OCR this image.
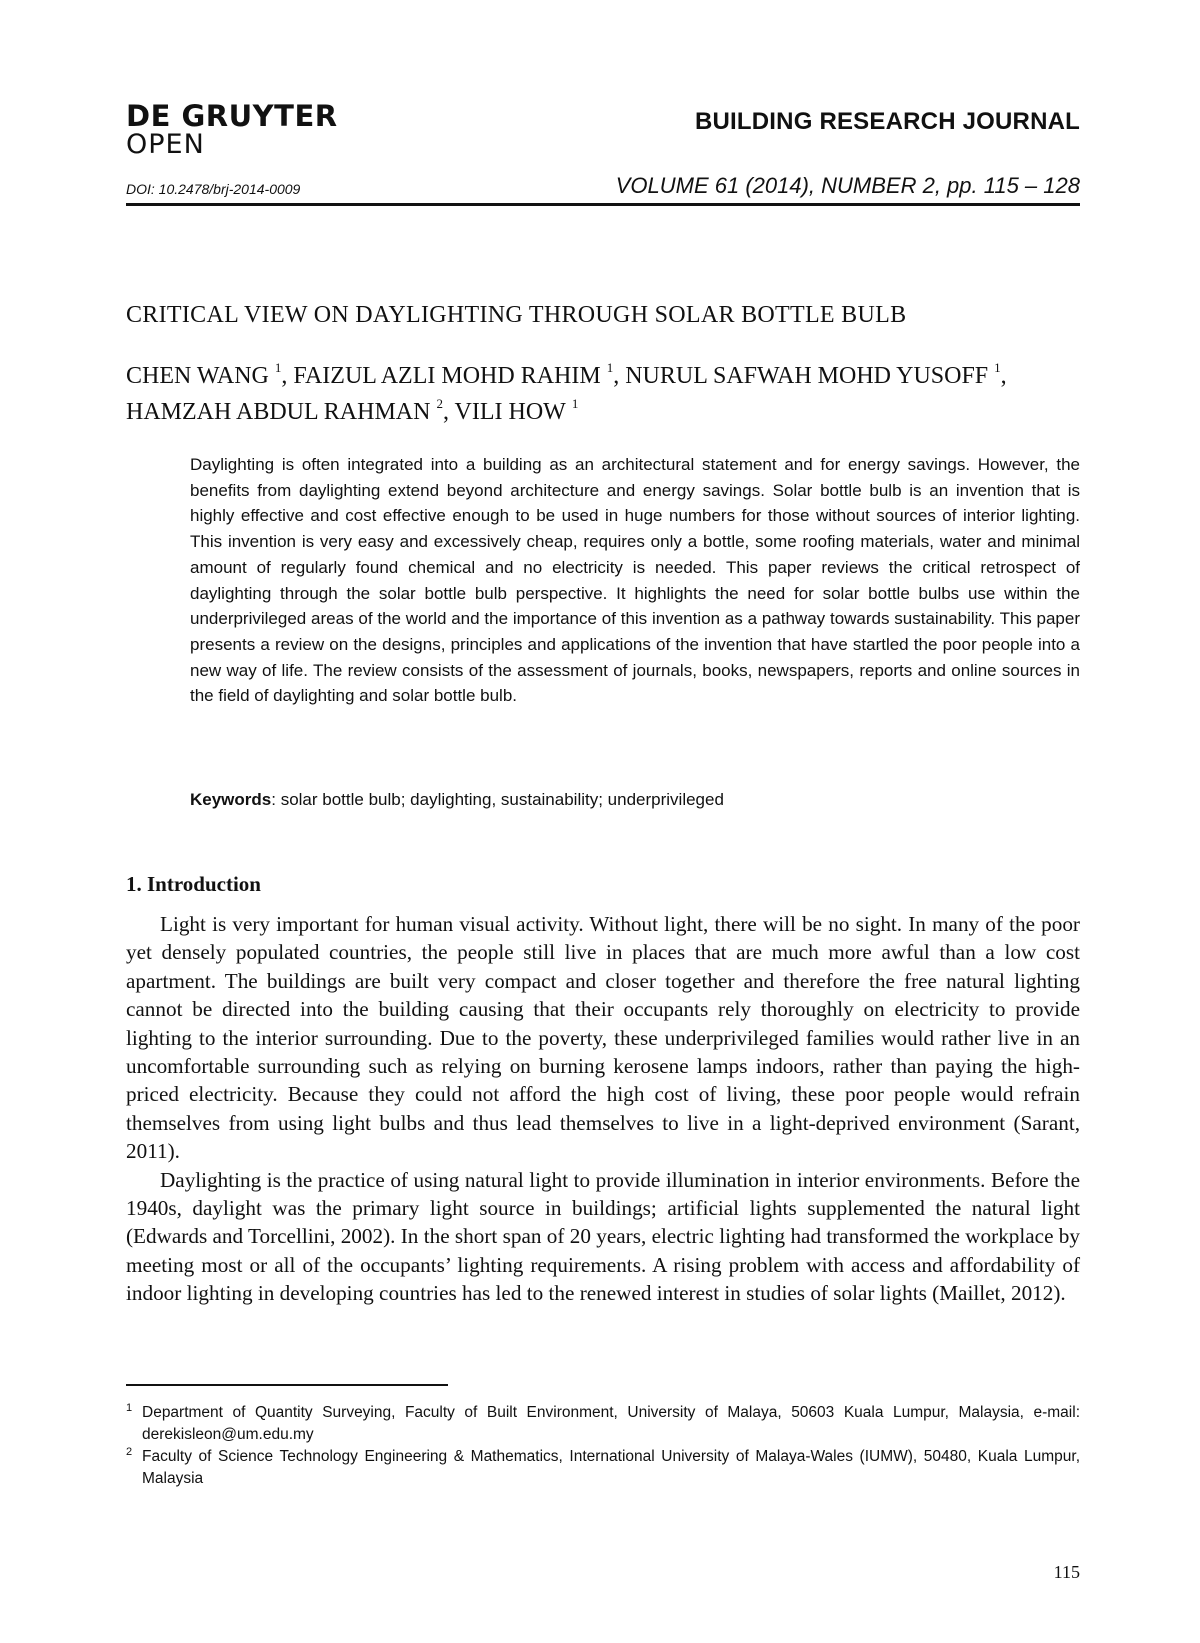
DE GRUYTER
OPEN
BUILDING RESEARCH JOURNAL
DOI: 10.2478/brj-2014-0009	VOLUME 61 (2014), NUMBER 2, pp. 115 – 128
CRITICAL VIEW ON DAYLIGHTING THROUGH SOLAR BOTTLE BULB
CHEN WANG $^1$, FAIZUL AZLI MOHD RAHIM $^1$, NURUL SAFWAH MOHD YUSOFF $^1$, HAMZAH ABDUL RAHMAN $^2$, VILI HOW $^1$

Daylighting is often integrated into a building as an architectural statement and for energy savings. However, the benefits from daylighting extend beyond architecture and energy savings. Solar bottle bulb is an invention that is highly effective and cost effective enough to be used in huge numbers for those without sources of interior lighting. This invention is very easy and excessively cheap, requires only a bottle, some roofing materials, water and minimal amount of regularly found chemical and no electricity is needed. This paper reviews the critical retrospect of daylighting through the solar bottle bulb perspective. It highlights the need for solar bottle bulbs use within the underprivileged areas of the world and the importance of this invention as a pathway towards sustainability. This paper presents a review on the designs, principles and applications of the invention that have startled the poor people into a new way of life. The review consists of the assessment of journals, books, newspapers, reports and online sources in the field of daylighting and solar bottle bulb.

Keywords: solar bottle bulb; daylighting, sustainability; underprivileged
1. Introduction

Light is very important for human visual activity. Without light, there will be no sight. In many of the poor yet densely populated countries, the people still live in places that are much more awful than a low cost apartment. The buildings are built very compact and closer together and therefore the free natural lighting cannot be directed into the building causing that their occupants rely thoroughly on electricity to provide lighting to the interior surrounding. Due to the poverty, these underprivileged families would rather live in an uncomfortable surrounding such as relying on burning kerosene lamps indoors, rather than paying the high-priced electricity. Because they could not afford the high cost of living, these poor people would refrain themselves from using light bulbs and thus lead themselves to live in a light-deprived environment (Sarant, 2011).

Daylighting is the practice of using natural light to provide illumination in interior environments. Before the 1940s, daylight was the primary light source in buildings; artificial lights supplemented the natural light (Edwards and Torcellini, 2002). In the short span of 20 years, electric lighting had transformed the workplace by meeting most or all of the occupants’ lighting requirements. A rising problem with access and affordability of indoor lighting in developing countries has led to the renewed interest in studies of solar lights (Maillet, 2012).

1 Department of Quantity Surveying, Faculty of Built Environment, University of Malaya, 50603 Kuala Lumpur, Malaysia, e-mail: derekisleon@um.edu.my
2 Faculty of Science Technology Engineering & Mathematics, International University of Malaya-Wales (IUMW), 50480, Kuala Lumpur, Malaysia
115
